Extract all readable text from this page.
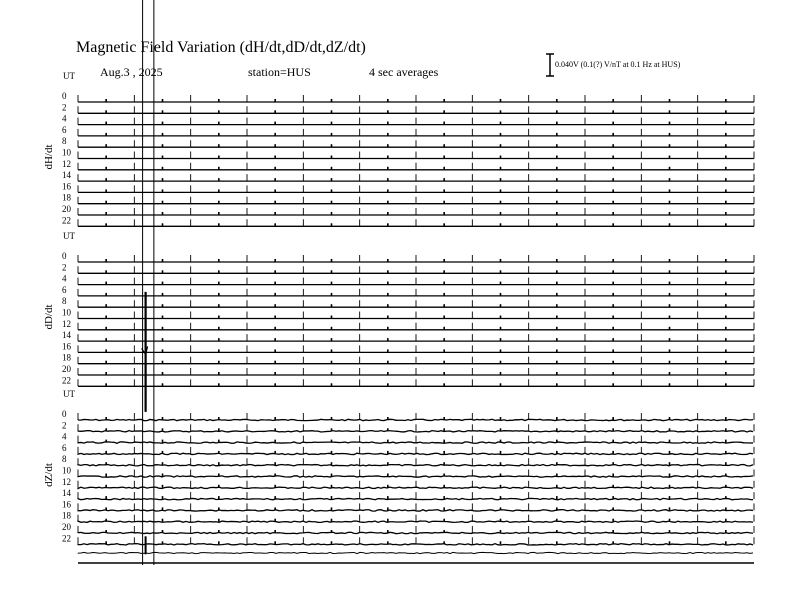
Magnetic Field Variation (dH/dt,dD/dt,dZ/dt)
Aug.3 , 2025	station=HUS	4 sec averages
0.040V (0.1(?) V/nT at 0.1 Hz at HUS)
UT
dH/dt
0
2
4
6
8
10
12
14
16
18
20
22
UT
dD/dt
0
2
4
6
8
10
12
14
16
18
20
22
UT
dZ/dt
0
2
4
6
8
10
12
14
16
18
20
22
